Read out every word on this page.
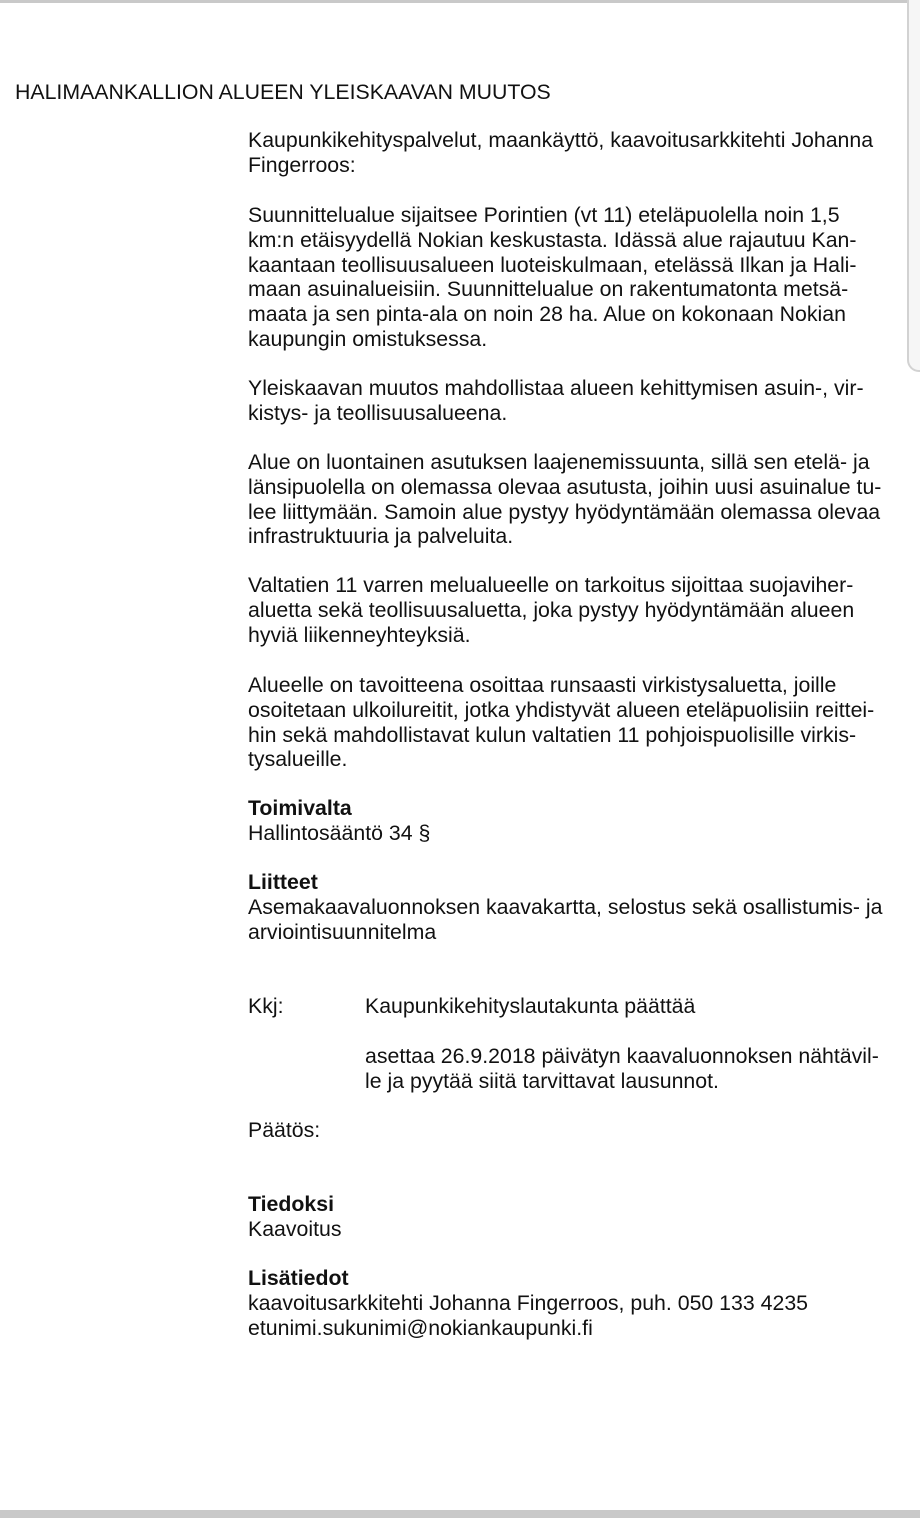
HALIMAANKALLION ALUEEN YLEISKAAVAN MUUTOS
Kaupunkikehityspalvelut, maankäyttö, kaavoitusarkkitehti Johanna
Fingerroos:
Suunnittelualue sijaitsee Porintien (vt 11) eteläpuolella noin 1,5
km:n etäisyydellä Nokian keskustasta. Idässä alue rajautuu Kan-
kaantaan teollisuusalueen luoteiskulmaan, etelässä Ilkan ja Hali-
maan asuinalueisiin. Suunnittelualue on rakentumatonta metsä-
maata ja sen pinta-ala on noin 28 ha. Alue on kokonaan Nokian
kaupungin omistuksessa.
Yleiskaavan muutos mahdollistaa alueen kehittymisen asuin-, vir-
kistys- ja teollisuusalueena.
Alue on luontainen asutuksen laajenemissuunta, sillä sen etelä- ja
länsipuolella on olemassa olevaa asutusta, joihin uusi asuinalue tu-
lee liittymään. Samoin alue pystyy hyödyntämään olemassa olevaa
infrastruktuuria ja palveluita.
Valtatien 11 varren melualueelle on tarkoitus sijoittaa suojaviher-
aluetta sekä teollisuusaluetta, joka pystyy hyödyntämään alueen
hyviä liikenneyhteyksiä.
Alueelle on tavoitteena osoittaa runsaasti virkistysaluetta, joille
osoitetaan ulkoilureitit, jotka yhdistyvät alueen eteläpuolisiin reittei-
hin sekä mahdollistavat kulun valtatien 11 pohjoispuolisille virkis-
tysalueille.
Toimivalta
Hallintosääntö 34 §
Liitteet
Asemakaavaluonnoksen kaavakartta, selostus sekä osallistumis- ja
arviointisuunnitelma
Kkj:	Kaupunkikehityslautakunta päättää
asettaa 26.9.2018 päivätyn kaavaluonnoksen nähtävil-
le ja pyytää siitä tarvittavat lausunnot.
Päätös:
Tiedoksi
Kaavoitus
Lisätiedot
kaavoitusarkkitehti Johanna Fingerroos, puh. 050 133 4235
etunimi.sukunimi@nokiankaupunki.fi
